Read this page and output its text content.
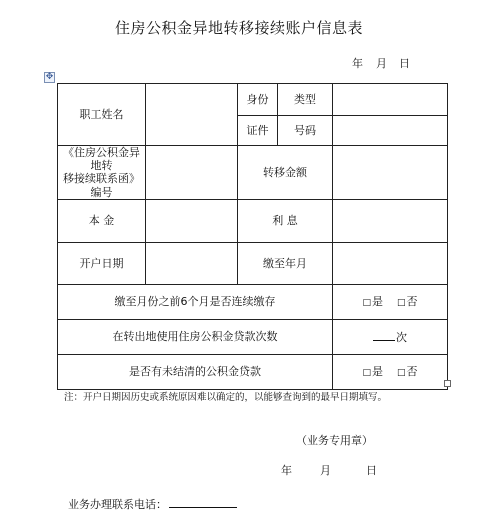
住房公积金异地转移接续账户信息表
年 月 日
✥
职工姓名		身份	类型	
		证件	号码	

《住房公积金异地转
移接续联系函》编号		转移金额		
本 金		利 息		
开户日期		缴至年月		
缴至月份之前6个月是否连续缴存				□是 □否
在转出地使用住房公积金贷款次数				次
是否有未结清的公积金贷款				□是 □否
注：开户日期因历史或系统原因难以确定的，以能够查询到的最早日期填写。
（业务专用章）
年	月	日
业务办理联系电话：
